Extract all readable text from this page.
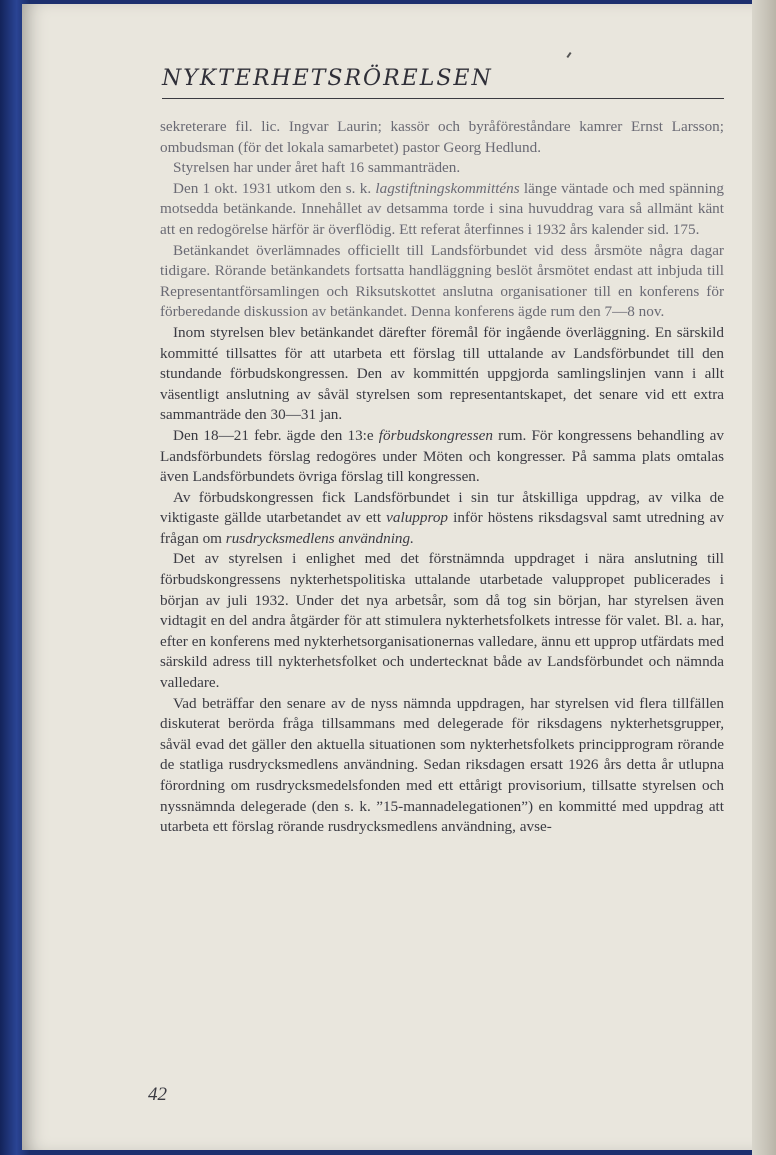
NYKTERHETSRÖRELSEN

sekreterare fil. lic. Ingvar Laurin; kassör och byråföreståndare kamrer Ernst Larsson; ombudsman (för det lokala samarbetet) pastor Georg Hedlund.

Styrelsen har under året haft 16 sammanträden.

Den 1 okt. 1931 utkom den s. k. lagstiftningskommitténs länge väntade och med spänning motsedda betänkande. Innehållet av detsamma torde i sina huvuddrag vara så allmänt känt att en redogörelse härför är överflödig. Ett referat återfinnes i 1932 års kalender sid. 175.

Betänkandet överlämnades officiellt till Landsförbundet vid dess årsmöte några dagar tidigare. Rörande betänkandets fortsatta handläggning beslöt årsmötet endast att inbjuda till Representantförsamlingen och Riksutskottet anslutna organisationer till en konferens för förberedande diskussion av betänkandet. Denna konferens ägde rum den 7—8 nov.

Inom styrelsen blev betänkandet därefter föremål för ingående överläggning. En särskild kommitté tillsattes för att utarbeta ett förslag till uttalande av Landsförbundet till den stundande förbudskongressen. Den av kommittén uppgjorda samlingslinjen vann i allt väsentligt anslutning av såväl styrelsen som representantskapet, det senare vid ett extra sammanträde den 30—31 jan.

Den 18—21 febr. ägde den 13:e förbudskongressen rum. För kongressens behandling av Landsförbundets förslag redogöres under Möten och kongresser. På samma plats omtalas även Landsförbundets övriga förslag till kongressen.

Av förbudskongressen fick Landsförbundet i sin tur åtskilliga uppdrag, av vilka de viktigaste gällde utarbetandet av ett valupprop inför höstens riksdagsval samt utredning av frågan om rusdrycksmedlens användning.

Det av styrelsen i enlighet med det förstnämnda uppdraget i nära anslutning till förbudskongressens nykterhetspolitiska uttalande utarbetade valuppropet publicerades i början av juli 1932. Under det nya arbetsår, som då tog sin början, har styrelsen även vidtagit en del andra åtgärder för att stimulera nykterhetsfolkets intresse för valet. Bl. a. har, efter en konferens med nykterhetsorganisationernas valledare, ännu ett upprop utfärdats med särskild adress till nykterhetsfolket och undertecknat både av Landsförbundet och nämnda valledare.

Vad beträffar den senare av de nyss nämnda uppdragen, har styrelsen vid flera tillfällen diskuterat berörda fråga tillsammans med delegerade för riksdagens nykterhetsgrupper, såväl evad det gäller den aktuella situationen som nykterhetsfolkets principprogram rörande de statliga rusdrycksmedlens användning. Sedan riksdagen ersatt 1926 års detta år utlupna förordning om rusdrycksmedelsfonden med ett ettårigt provisorium, tillsatte styrelsen och nyssnämnda delegerade (den s. k. ”15-mannadelegationen”) en kommitté med uppdrag att utarbeta ett förslag rörande rusdrycksmedlens användning, avse-

42
